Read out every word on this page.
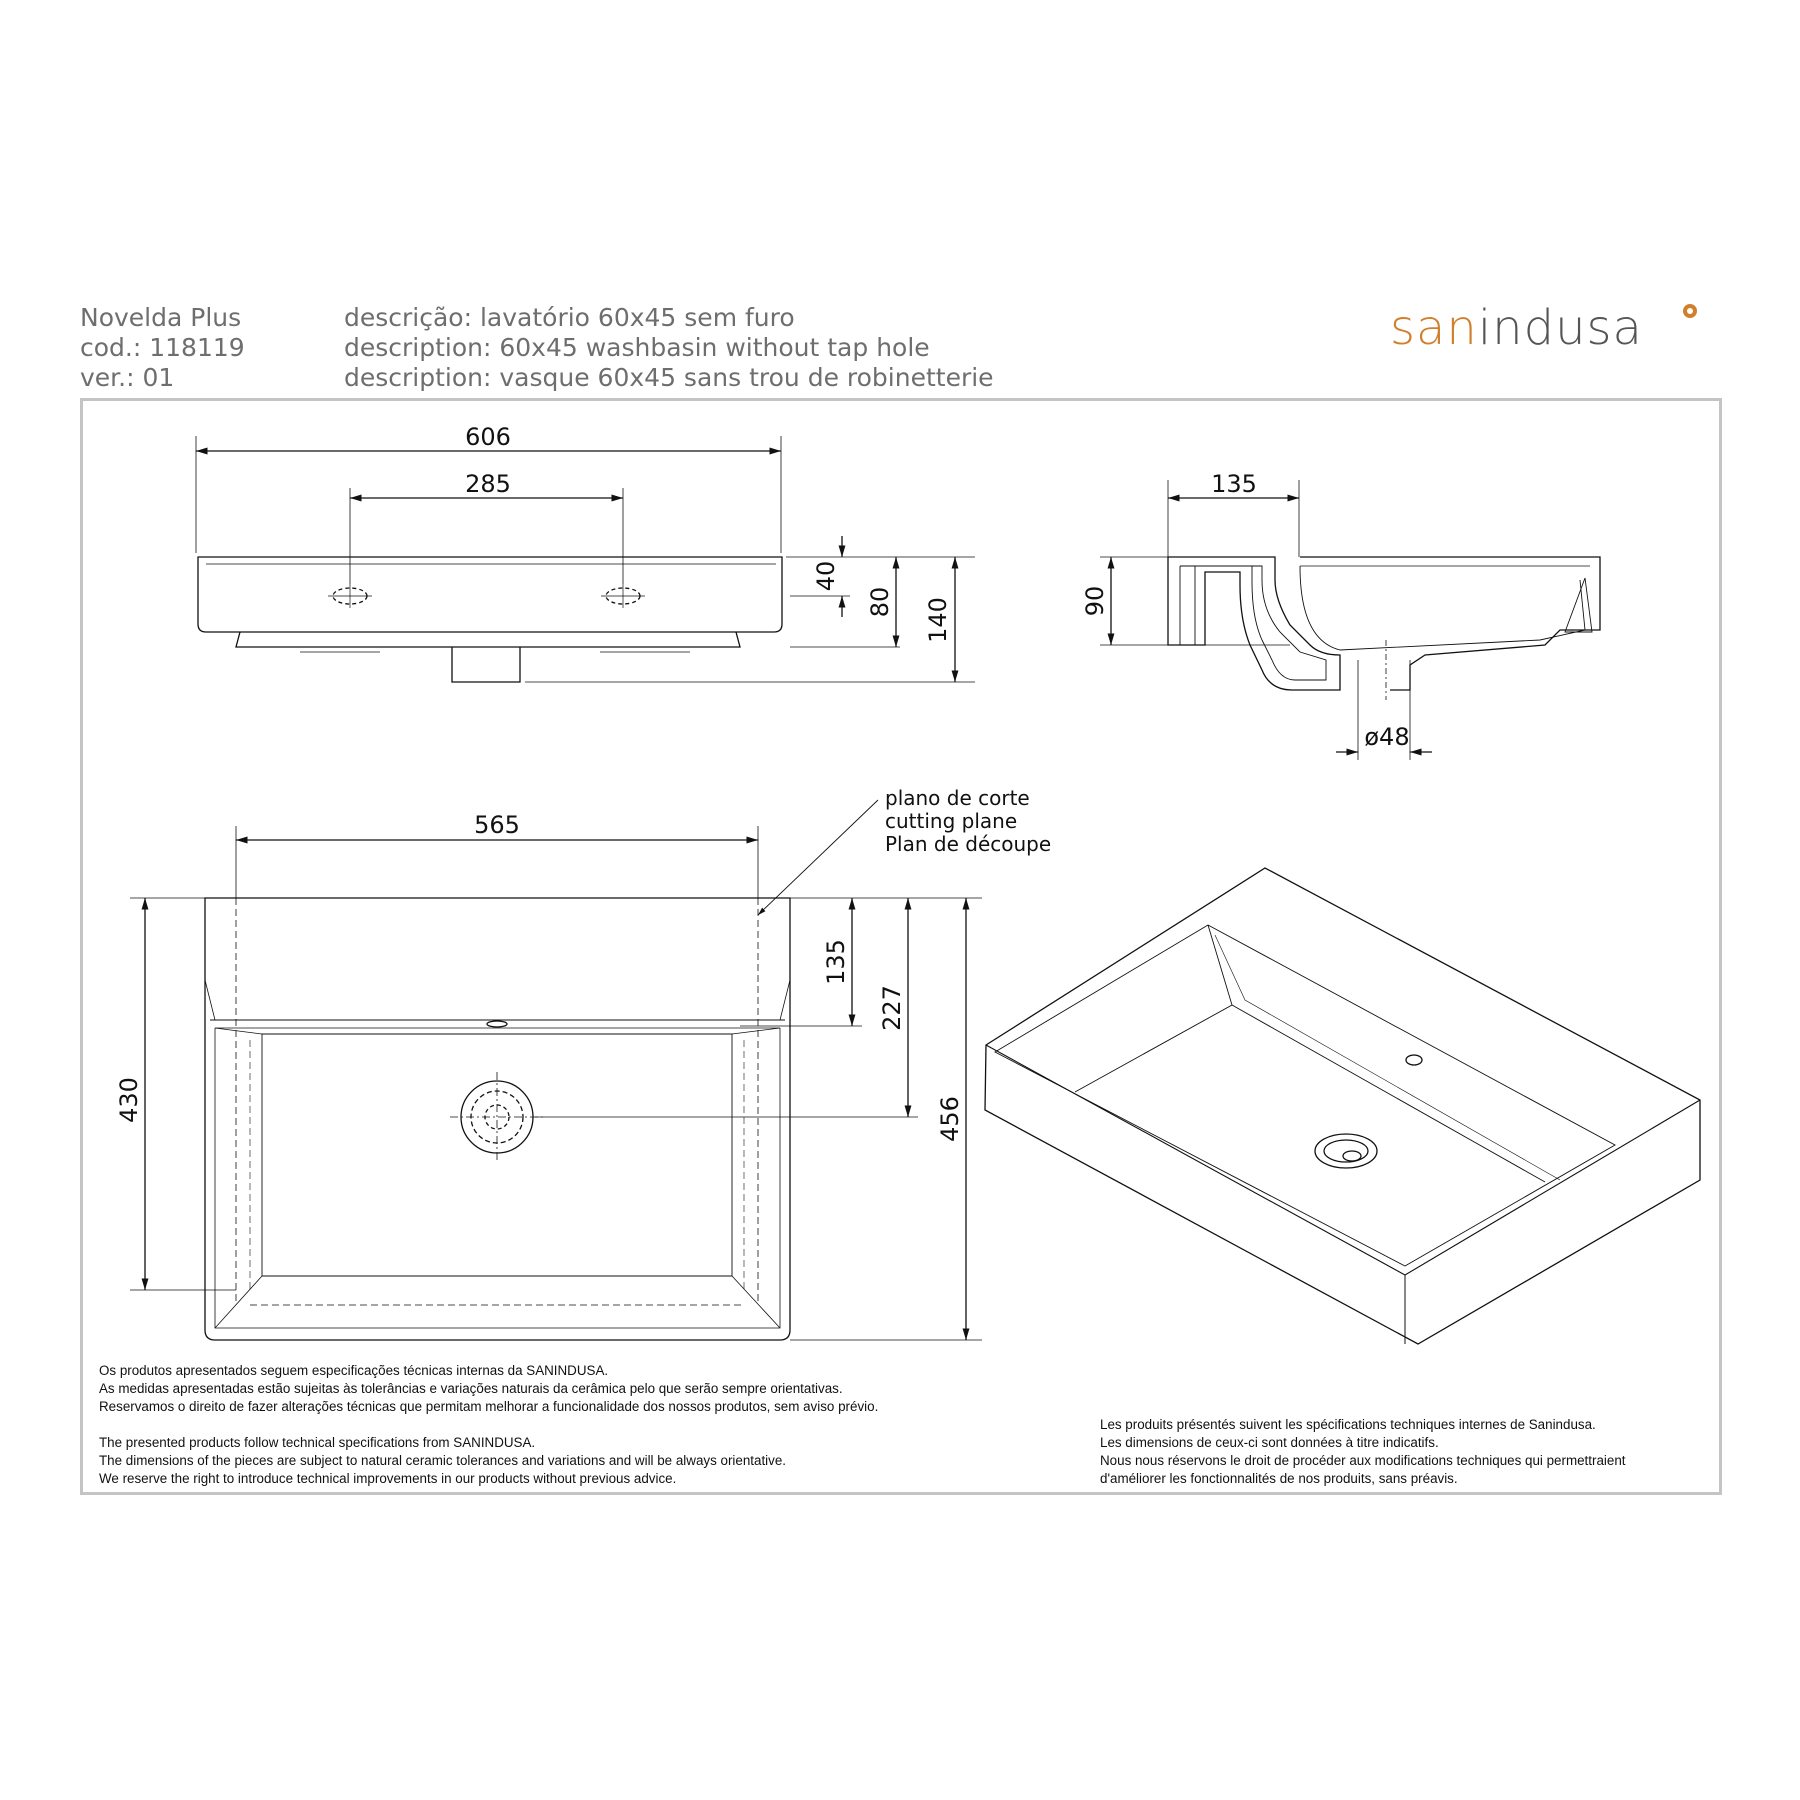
Novelda Plus
cod.: 118119
ver.: 01
descrição: lavatório 60x45 sem furo
description: 60x45 washbasin without tap hole
description: vasque 60x45 sans trou de robinetterie
sanindusa
606
285
40
80 140
135
90
ø48
565
430
135
227
456
plano de corte
cutting plane
Plan de découpe
Os produtos apresentados seguem especificações técnicas internas da SANINDUSA.
As medidas apresentadas estão sujeitas às tolerâncias e variações naturais da cerâmica pelo que serão sempre orientativas.
Reservamos o direito de fazer alterações técnicas que permitam melhorar a funcionalidade dos nossos produtos, sem aviso prévio.
The presented products follow technical specifications from SANINDUSA.
The dimensions of the pieces are subject to natural ceramic tolerances and variations and will be always orientative.
We reserve the right to introduce technical improvements in our products without previous advice.
Les produits présentés suivent les spécifications techniques internes de Sanindusa.
Les dimensions de ceux-ci sont données à titre indicatifs.
Nous nous réservons le droit de procéder aux modifications techniques qui permettraient
d'améliorer les fonctionnalités de nos produits, sans préavis.
